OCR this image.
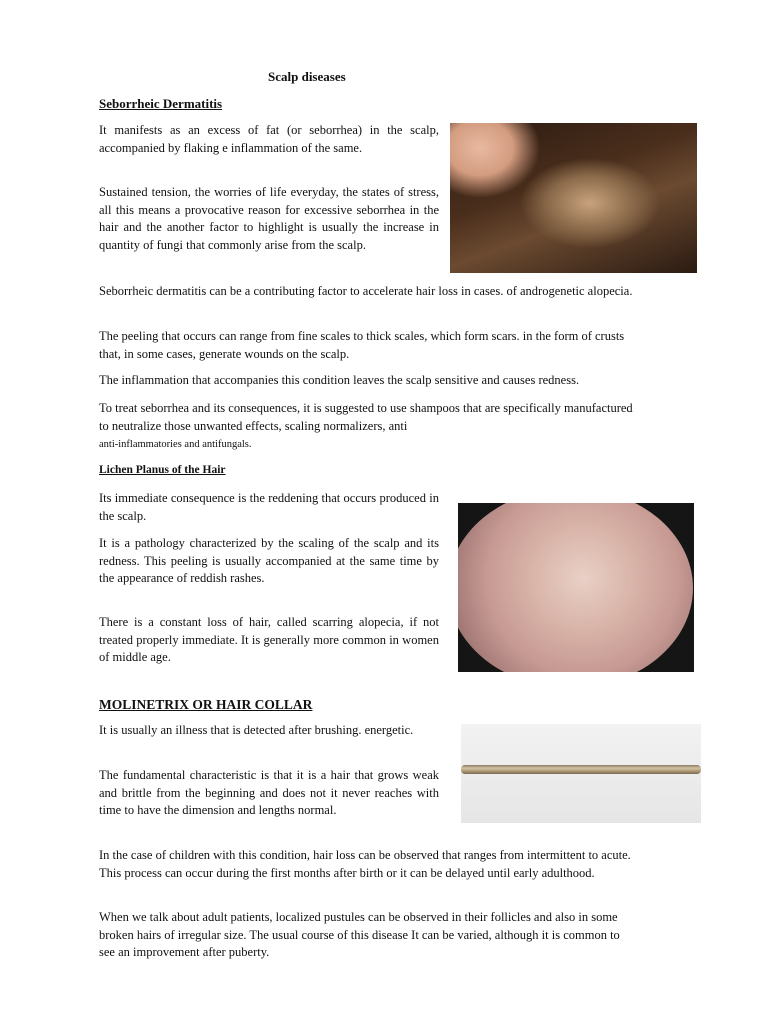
Scalp diseases
Seborrheic Dermatitis

It manifests as an excess of fat (or seborrhea) in the scalp, accompanied by flaking e inflammation of the same.

Sustained tension, the worries of life everyday, the states of stress, all this means a provocative reason for excessive seborrhea in the hair and the another factor to highlight is usually the increase in quantity of fungi that commonly arise from the scalp.

Seborrheic dermatitis can be a contributing factor to accelerate hair loss in cases. of androgenetic alopecia.

The peeling that occurs can range from fine scales to thick scales, which form scars. in the form of crusts that, in some cases, generate wounds on the scalp.

The inflammation that accompanies this condition leaves the scalp sensitive and causes redness.

To treat seborrhea and its consequences, it is suggested to use shampoos that are specifically manufactured to neutralize those unwanted effects, scaling normalizers, anti
anti-inflammatories and antifungals.

Lichen Planus of the Hair

Its immediate consequence is the reddening that occurs produced in the scalp.

It is a pathology characterized by the scaling of the scalp and its redness. This peeling is usually accompanied at the same time by the appearance of reddish rashes.

There is a constant loss of hair, called scarring alopecia, if not treated properly immediate. It is generally more common in women of middle age.

MOLINETRIX OR HAIR COLLAR

It is usually an illness that is detected after brushing. energetic.

The fundamental characteristic is that it is a hair that grows weak and brittle from the beginning and does not it never reaches with time to have the dimension and lengths normal.

In the case of children with this condition, hair loss can be observed that ranges from intermittent to acute. This process can occur during the first months after birth or it can be delayed until early adulthood.

When we talk about adult patients, localized pustules can be observed in their follicles and also in some broken hairs of irregular size. The usual course of this disease It can be varied, although it is common to see an improvement after puberty.
